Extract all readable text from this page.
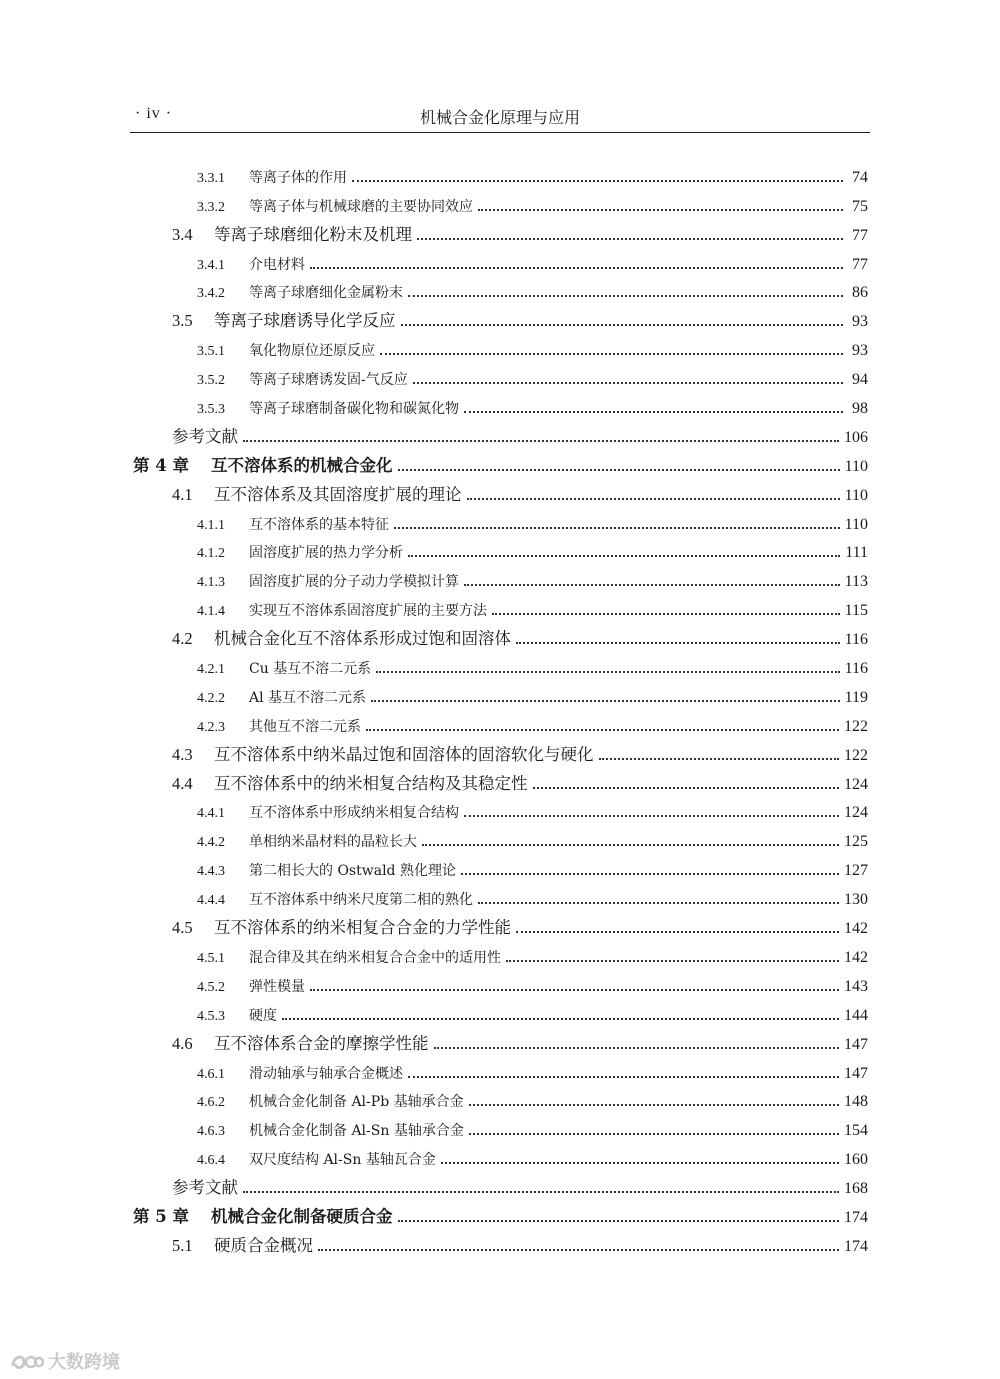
· iv ·	机械合金化原理与应用
3.3.1	等离子体的作用	74
3.3.2	等离子体与机械球磨的主要协同效应	75
3.4	等离子球磨细化粉末及机理	77
3.4.1	介电材料	77
3.4.2	等离子球磨细化金属粉末	86
3.5	等离子球磨诱导化学反应	93
3.5.1	氧化物原位还原反应	93
3.5.2	等离子球磨诱发固-气反应	94
3.5.3	等离子球磨制备碳化物和碳氮化物	98
参考文献	106
第 4 章	互不溶体系的机械合金化	110
4.1	互不溶体系及其固溶度扩展的理论	110
4.1.1	互不溶体系的基本特征	110
4.1.2	固溶度扩展的热力学分析	111
4.1.3	固溶度扩展的分子动力学模拟计算	113
4.1.4	实现互不溶体系固溶度扩展的主要方法	115
4.2	机械合金化互不溶体系形成过饱和固溶体	116
4.2.1	Cu 基互不溶二元系	116
4.2.2	Al 基互不溶二元系	119
4.2.3	其他互不溶二元系	122
4.3	互不溶体系中纳米晶过饱和固溶体的固溶软化与硬化	122
4.4	互不溶体系中的纳米相复合结构及其稳定性	124
4.4.1	互不溶体系中形成纳米相复合结构	124
4.4.2	单相纳米晶材料的晶粒长大	125
4.4.3	第二相长大的 Ostwald 熟化理论	127
4.4.4	互不溶体系中纳米尺度第二相的熟化	130
4.5	互不溶体系的纳米相复合合金的力学性能	142
4.5.1	混合律及其在纳米相复合合金中的适用性	142
4.5.2	弹性模量	143
4.5.3	硬度	144
4.6	互不溶体系合金的摩擦学性能	147
4.6.1	滑动轴承与轴承合金概述	147
4.6.2	机械合金化制备 Al-Pb 基轴承合金	148
4.6.3	机械合金化制备 Al-Sn 基轴承合金	154
4.6.4	双尺度结构 Al-Sn 基轴瓦合金	160
参考文献	168
第 5 章	机械合金化制备硬质合金	174
5.1	硬质合金概况	174
大数跨境
